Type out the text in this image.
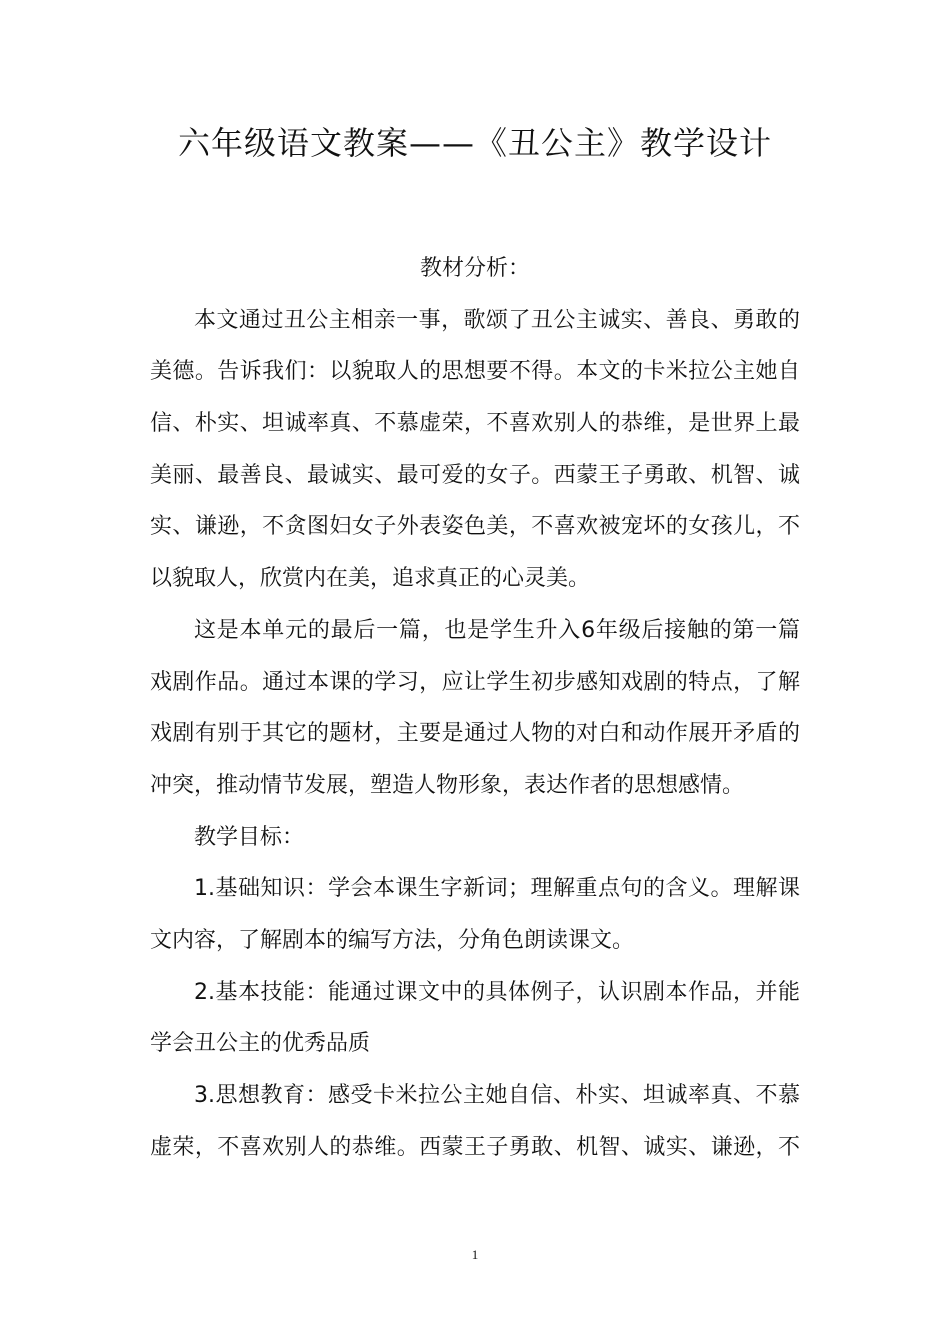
六年级语文教案——《丑公主》教学设计

教材分析：

本文通过丑公主相亲一事，歌颂了丑公主诚实、善良、勇敢的

美德。告诉我们：以貌取人的思想要不得。本文的卡米拉公主她自

信、朴实、坦诚率真、不慕虚荣，不喜欢别人的恭维，是世界上最

美丽、最善良、最诚实、最可爱的女子。西蒙王子勇敢、机智、诚

实、谦逊，不贪图妇女子外表姿色美，不喜欢被宠坏的女孩儿，不

以貌取人，欣赏内在美，追求真正的心灵美。

这是本单元的最后一篇，也是学生升入6年级后接触的第一篇

戏剧作品。通过本课的学习，应让学生初步感知戏剧的特点，了解

戏剧有别于其它的题材，主要是通过人物的对白和动作展开矛盾的

冲突，推动情节发展，塑造人物形象，表达作者的思想感情。

教学目标：

1.基础知识：学会本课生字新词；理解重点句的含义。理解课

文内容，了解剧本的编写方法，分角色朗读课文。

2.基本技能：能通过课文中的具体例子，认识剧本作品，并能

学会丑公主的优秀品质

3.思想教育：感受卡米拉公主她自信、朴实、坦诚率真、不慕

虚荣，不喜欢别人的恭维。西蒙王子勇敢、机智、诚实、谦逊，不

1
